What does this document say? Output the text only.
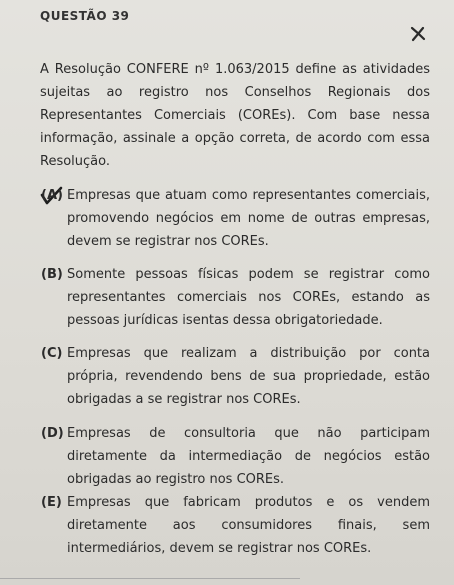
QUESTÃO 39
A Resolução CONFERE nº 1.063/2015 define as atividades sujeitas ao registro nos Conselhos Regionais dos Representantes Comerciais (COREs). Com base nessa informação, assinale a opção correta, de acordo com essa Resolução.
(A) Empresas que atuam como representantes comerciais, promovendo negócios em nome de outras empresas, devem se registrar nos COREs.
(B) Somente pessoas físicas podem se registrar como representantes comerciais nos COREs, estando as pessoas jurídicas isentas dessa obrigatoriedade.
(C) Empresas que realizam a distribuição por conta própria, revendendo bens de sua propriedade, estão obrigadas a se registrar nos COREs.
(D) Empresas de consultoria que não participam diretamente da intermediação de negócios estão obrigadas ao registro nos COREs.
(E) Empresas que fabricam produtos e os vendem diretamente aos consumidores finais, sem intermediários, devem se registrar nos COREs.
